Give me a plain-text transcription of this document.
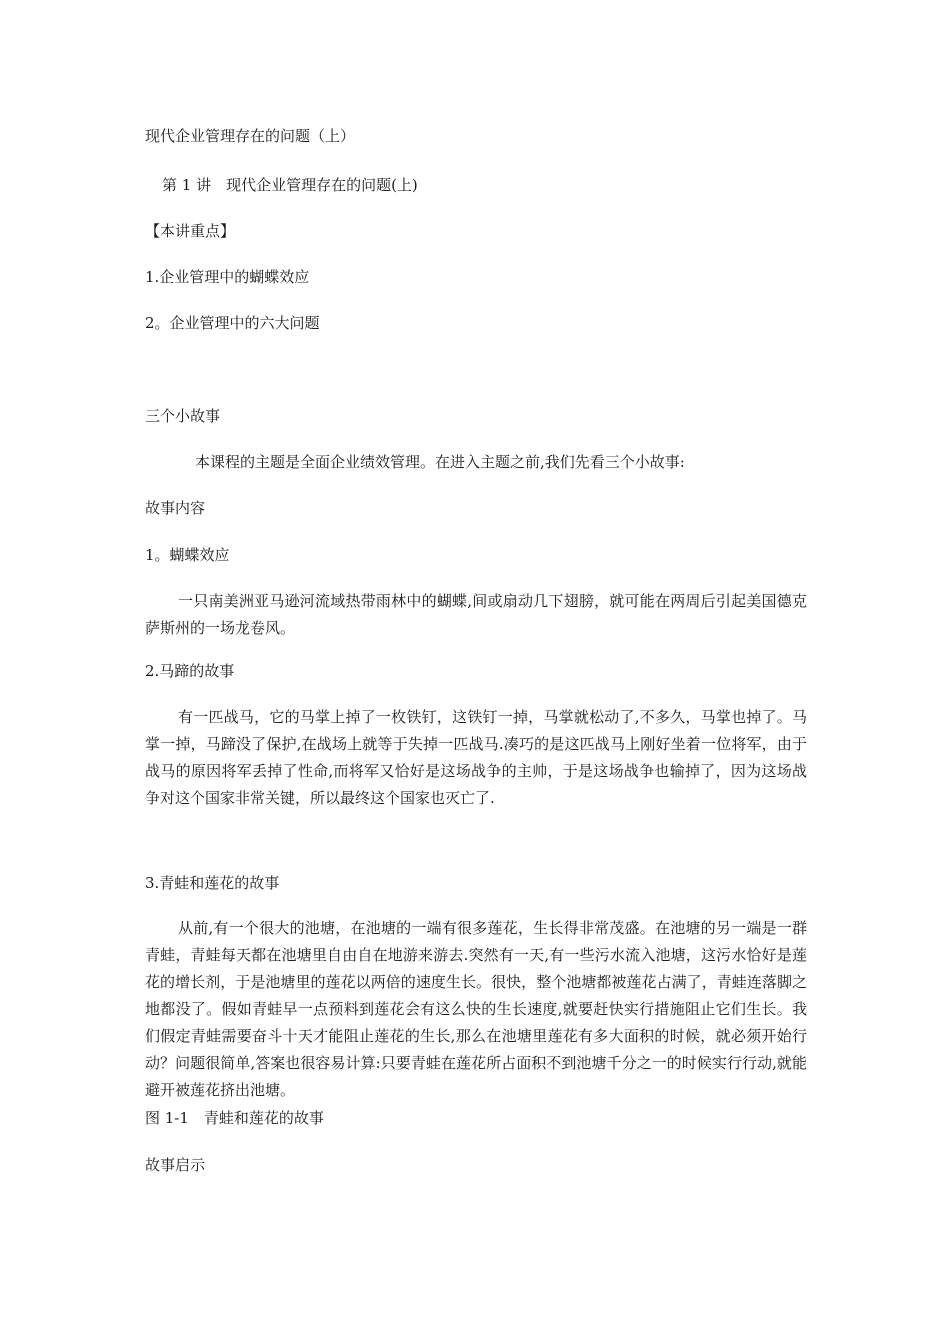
现代企业管理存在的问题（上）
第 1 讲　现代企业管理存在的问题(上)
【本讲重点】
1.企业管理中的蝴蝶效应
2。企业管理中的六大问题
三个小故事
本课程的主题是全面企业绩效管理。在进入主题之前,我们先看三个小故事:
故事内容
1。蝴蝶效应
一只南美洲亚马逊河流域热带雨林中的蝴蝶,间或扇动几下翅膀，就可能在两周后引起美国德克萨斯州的一场龙卷风。
2.马蹄的故事
有一匹战马，它的马掌上掉了一枚铁钉，这铁钉一掉，马掌就松动了,不多久，马掌也掉了。马掌一掉，马蹄没了保护,在战场上就等于失掉一匹战马.凑巧的是这匹战马上刚好坐着一位将军，由于战马的原因将军丢掉了性命,而将军又恰好是这场战争的主帅，于是这场战争也输掉了，因为这场战争对这个国家非常关键，所以最终这个国家也灭亡了.
3.青蛙和莲花的故事
从前,有一个很大的池塘，在池塘的一端有很多莲花，生长得非常茂盛。在池塘的另一端是一群青蛙，青蛙每天都在池塘里自由自在地游来游去.突然有一天,有一些污水流入池塘，这污水恰好是莲花的增长剂，于是池塘里的莲花以两倍的速度生长。很快，整个池塘都被莲花占满了，青蛙连落脚之地都没了。假如青蛙早一点预料到莲花会有这么快的生长速度,就要赶快实行措施阻止它们生长。我们假定青蛙需要奋斗十天才能阻止莲花的生长,那么在池塘里莲花有多大面积的时候，就必须开始行动？问题很简单,答案也很容易计算:只要青蛙在莲花所占面积不到池塘千分之一的时候实行行动,就能避开被莲花挤出池塘。
图 1-1　青蛙和莲花的故事
故事启示
